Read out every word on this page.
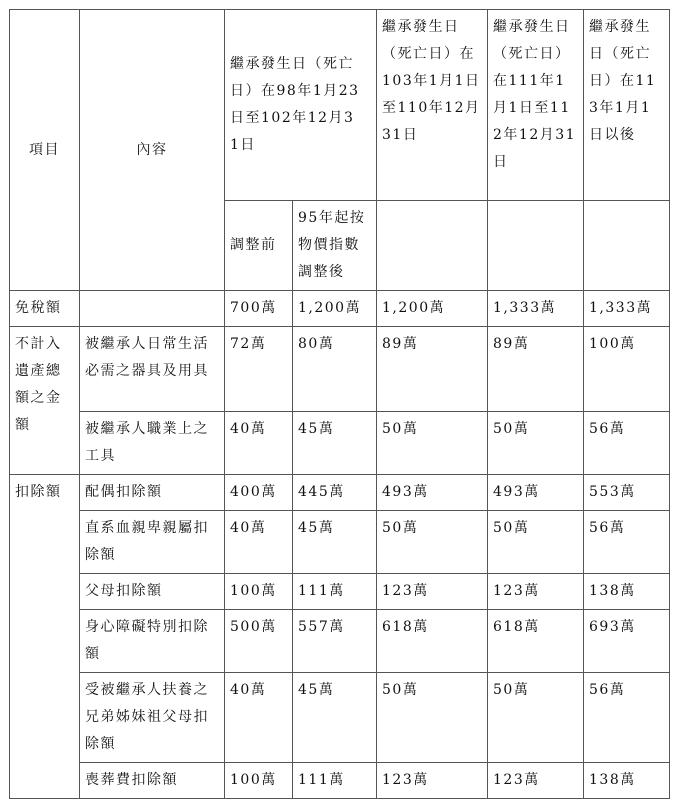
項目	內容	繼承發生日（死亡日）在98年1月23日至102年12月31日		繼承發生日（死亡日）在103年1月1日至110年12月31日	繼承發生日（死亡日）在111年1月1日至112年12月31日	繼承發生日（死亡日）在113年1月1日以後
		調整前	95年起按物價指數調整後			
免稅額		700萬	1,200萬	1,200萬	1,333萬	1,333萬
不計入遺產總額之金額	被繼承人日常生活必需之器具及用具	72萬	80萬	89萬	89萬	100萬
	被繼承人職業上之工具	40萬	45萬	50萬	50萬	56萬
扣除額	配偶扣除額	400萬	445萬	493萬	493萬	553萬
	直系血親卑親屬扣除額	40萬	45萬	50萬	50萬	56萬
	父母扣除額	100萬	111萬	123萬	123萬	138萬
	身心障礙特別扣除額	500萬	557萬	618萬	618萬	693萬
	受被繼承人扶養之兄弟姊妹祖父母扣除額	40萬	45萬	50萬	50萬	56萬
	喪葬費扣除額	100萬	111萬	123萬	123萬	138萬
